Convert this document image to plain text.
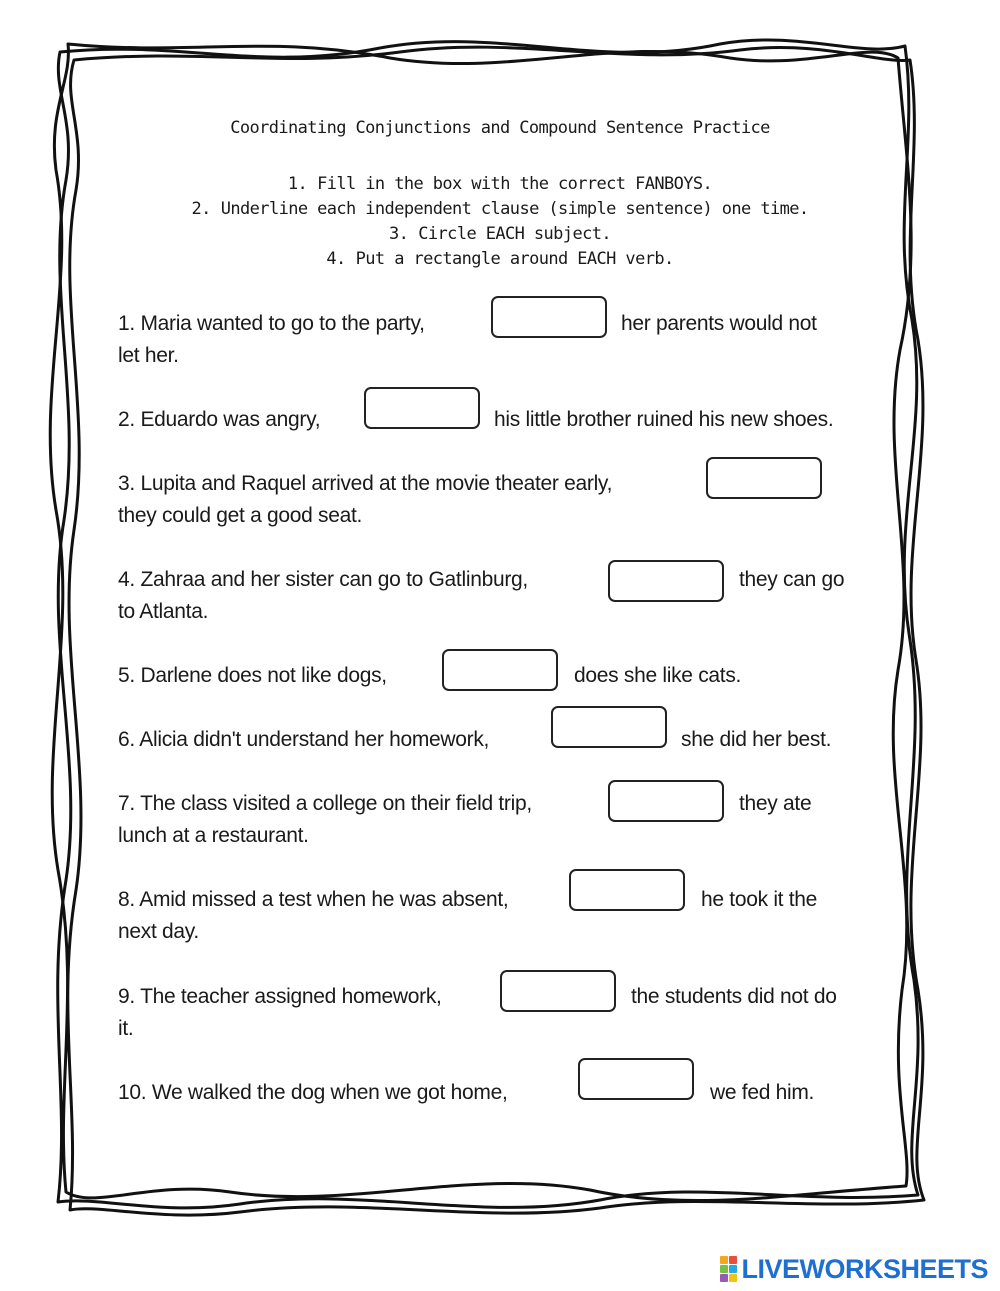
Coordinating Conjunctions and Compound Sentence Practice
1. Fill in the box with the correct FANBOYS.
2. Underline each independent clause (simple sentence) one time.
3. Circle EACH subject.
4. Put a rectangle around EACH verb.
1. Maria wanted to go to the party,	her parents would not
let her.
2. Eduardo was angry,	his little brother ruined his new shoes.
3. Lupita and Raquel arrived at the movie theater early,
they could get a good seat.
4. Zahraa and her sister can go to Gatlinburg,	they can go
to Atlanta.
5. Darlene does not like dogs,	does she like cats.
6. Alicia didn't understand her homework,	she did her best.
7. The class visited a college on their field trip,	they ate
lunch at a restaurant.
8. Amid missed a test when he was absent,	he took it the
next day.
9. The teacher assigned homework,	the students did not do
it.
10. We walked the dog when we got home,	we fed him.
LIVEWORKSHEETS
